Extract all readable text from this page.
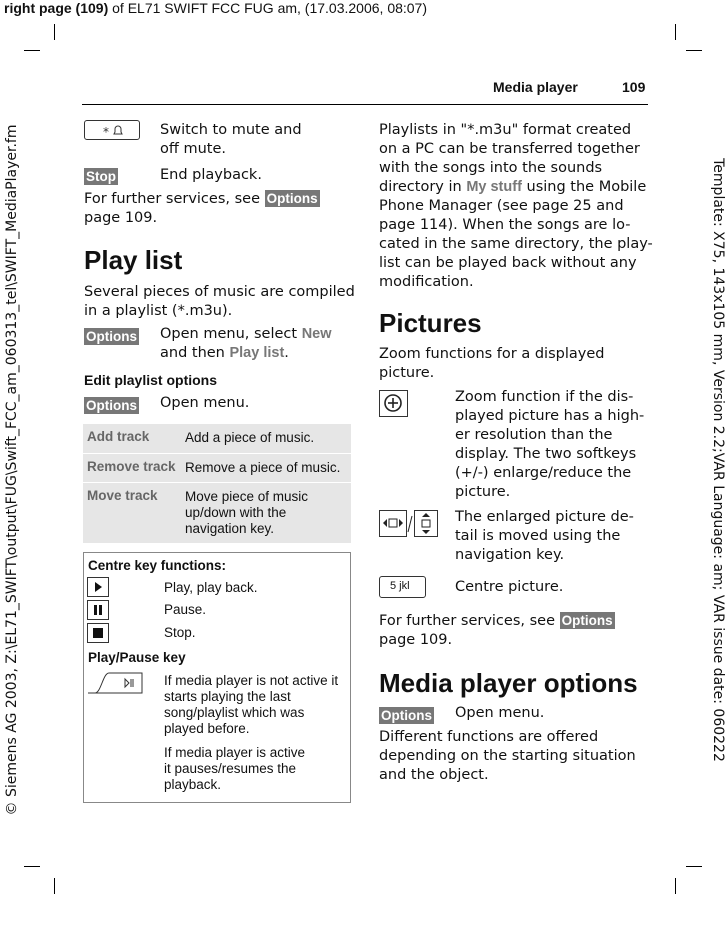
right page (109) of EL71 SWIFT FCC FUG am, (17.03.2006, 08:07)
Template: X75, 143x105 mm, Version 2.2;VAR Language: am; VAR issue date: 060222
© Siemens AG 2003, Z:\EL71_SWIFT\output\FUG\Swift_FCC_am_060313_tel\SWIFT_MediaPlayer.fm
Media player	109
*	Switch to mute and
off mute.
Stop	End playback.
For further services, see Options
page 109.
Play list
Several pieces of music are compiled
in a playlist (*.m3u).
Options Open menu, select New
and then Play list.
Edit playlist options
Options Open menu.
Add track	Add a piece of music.
Remove track Remove a piece of music.
Move track	Move piece of music
up/down with the
navigation key.
Centre key functions:
Play, play back.
Pause.
Stop.
Play/Pause key
If media player is not active it
starts playing the last
song/playlist which was
played before.
If media player is active
it pauses/resumes the
playback.
Playlists in "*.m3u" format created
on a PC can be transferred together
with the songs into the sounds
directory in My stuff using the Mobile
Phone Manager (see page 25 and
page 114). When the songs are lo-
cated in the same directory, the play-
list can be played back without any
modification.
Pictures
Zoom functions for a displayed
picture.
Zoom function if the dis-
played picture has a high-
er resolution than the
display. The two softkeys
(+/-) enlarge/reduce the
picture.
The enlarged picture de-
tail is moved using the
navigation key.
5 jkl	Centre picture.
For further services, see Options
page 109.
Media player options
Options Open menu.
Different functions are offered
depending on the starting situation
and the object.
